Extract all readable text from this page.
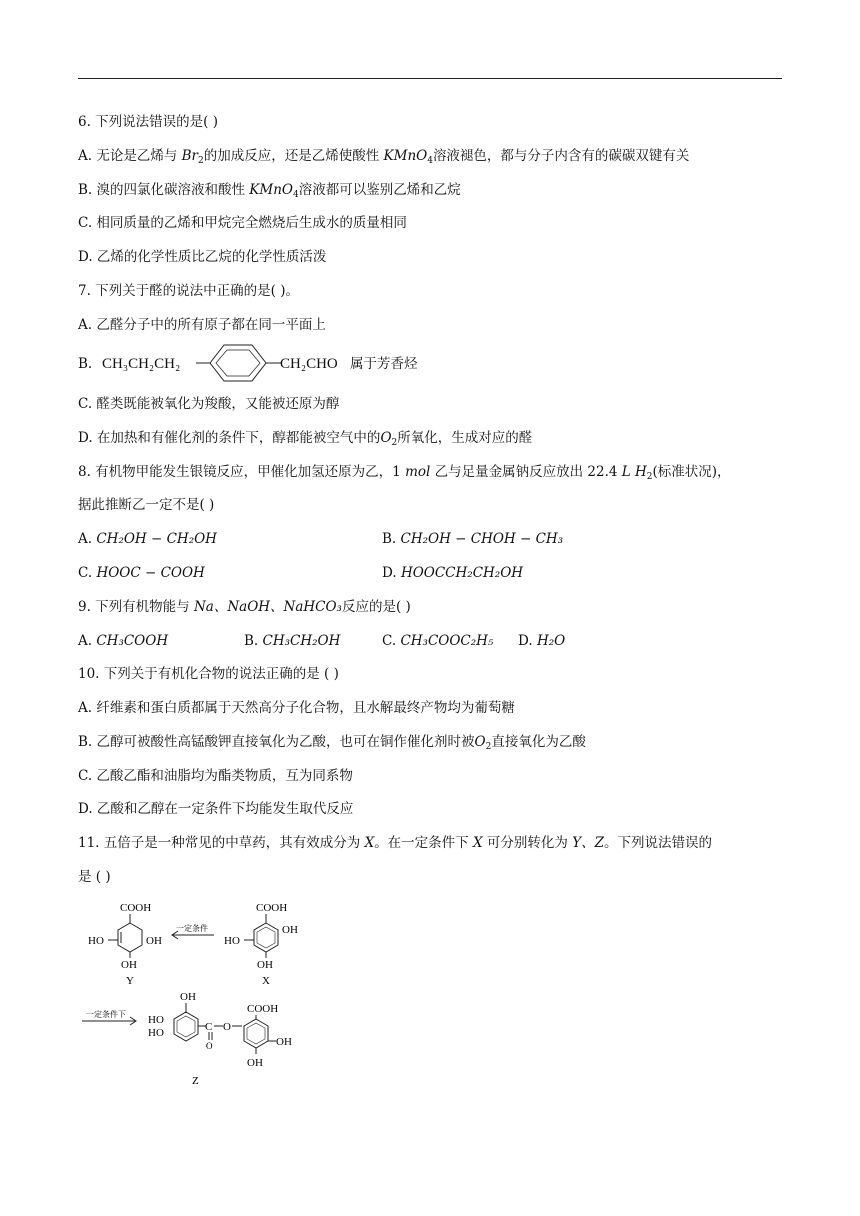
6. 下列说法错误的是( )
A. 无论是乙烯与 $Br_2$的加成反应，还是乙烯使酸性 KMnO$_4$溶液褪色，都与分子内含有的碳碳双键有关
B. 溴的四氯化碳溶液和酸性 KMnO$_4$溶液都可以鉴别乙烯和乙烷
C. 相同质量的乙烯和甲烷完全燃烧后生成水的质量相同
D. 乙烯的化学性质比乙烷的化学性质活泼
7. 下列关于醛的说法中正确的是( )。
A. 乙醛分子中的所有原子都在同一平面上
B. CH₃CH₂CH₂	CH₂CHO 属于芳香烃
C. 醛类既能被氧化为羧酸，又能被还原为醇
D. 在加热和有催化剂的条件下，醇都能被空气中的$O_2$所氧化，生成对应的醛
8. 有机物甲能发生银镜反应，甲催化加氢还原为乙，1 mol 乙与足量金属钠反应放出 22.4 L $H_2$(标准状况)，
据此推断乙一定不是( )
A. CH₂OH − CH₂OH	B. CH₂OH − CHOH − CH₃
C. HOOC − COOH	D. HOOCCH₂CH₂OH
9. 下列有机物能与 Na、NaOH、NaHCO₃反应的是( )
A. CH₃COOH	B. CH₃CH₂OH	C. CH₃COOC₂H₅ D. H₂O
10. 下列关于有机化合物的说法正确的是 ( )
A. 纤维素和蛋白质都属于天然高分子化合物，且水解最终产物均为葡萄糖
B. 乙醇可被酸性高锰酸钾直接氧化为乙酸，也可在铜作催化剂时被$O_2$直接氧化为乙酸
C. 乙酸乙酯和油脂均为酯类物质，互为同系物
D. 乙酸和乙醇在一定条件下均能发生取代反应
11. 五倍子是一种常见的中草药，其有效成分为 X。在一定条件下 X 可分别转化为 Y、Z。下列说法错误的
是 ( )
COOH
HO	OH
OH
Y
一定条件
COOH
OH
HO
OH
X
一定条件下
OH
HO
HO	C
O
O
COOH
OH
OH
Z
